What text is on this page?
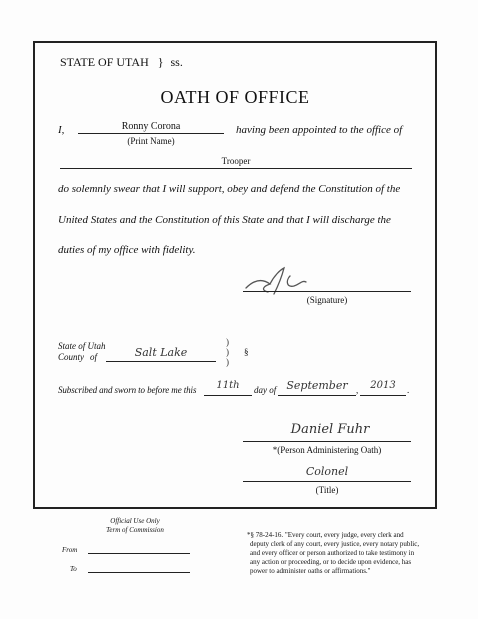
STATE OF UTAH } ss.
OATH OF OFFICE
I,	Ronny Corona
(Print Name)
having been appointed to the office of
Trooper
do solemnly swear that I will support, obey and defend the Constitution of the
United States and the Constitution of this State and that I will discharge the
duties of my office with fidelity.
(Signature)
State of Utah
County of	Salt Lake
)
)
)
§
Subscribed and sworn to before me this	11th	day of September ,	2013	.
Daniel Fuhr
*(Person Administering Oath)
Colonel
(Title)
Official Use Only
Term of Commission
From
To
*§ 78-24-16. "Every court, every judge, every clerk and
deputy clerk of any court, every justice, every notary public,
and every officer or person authorized to take testimony in
any action or proceeding, or to decide upon evidence, has
power to administer oaths or affirmations."
